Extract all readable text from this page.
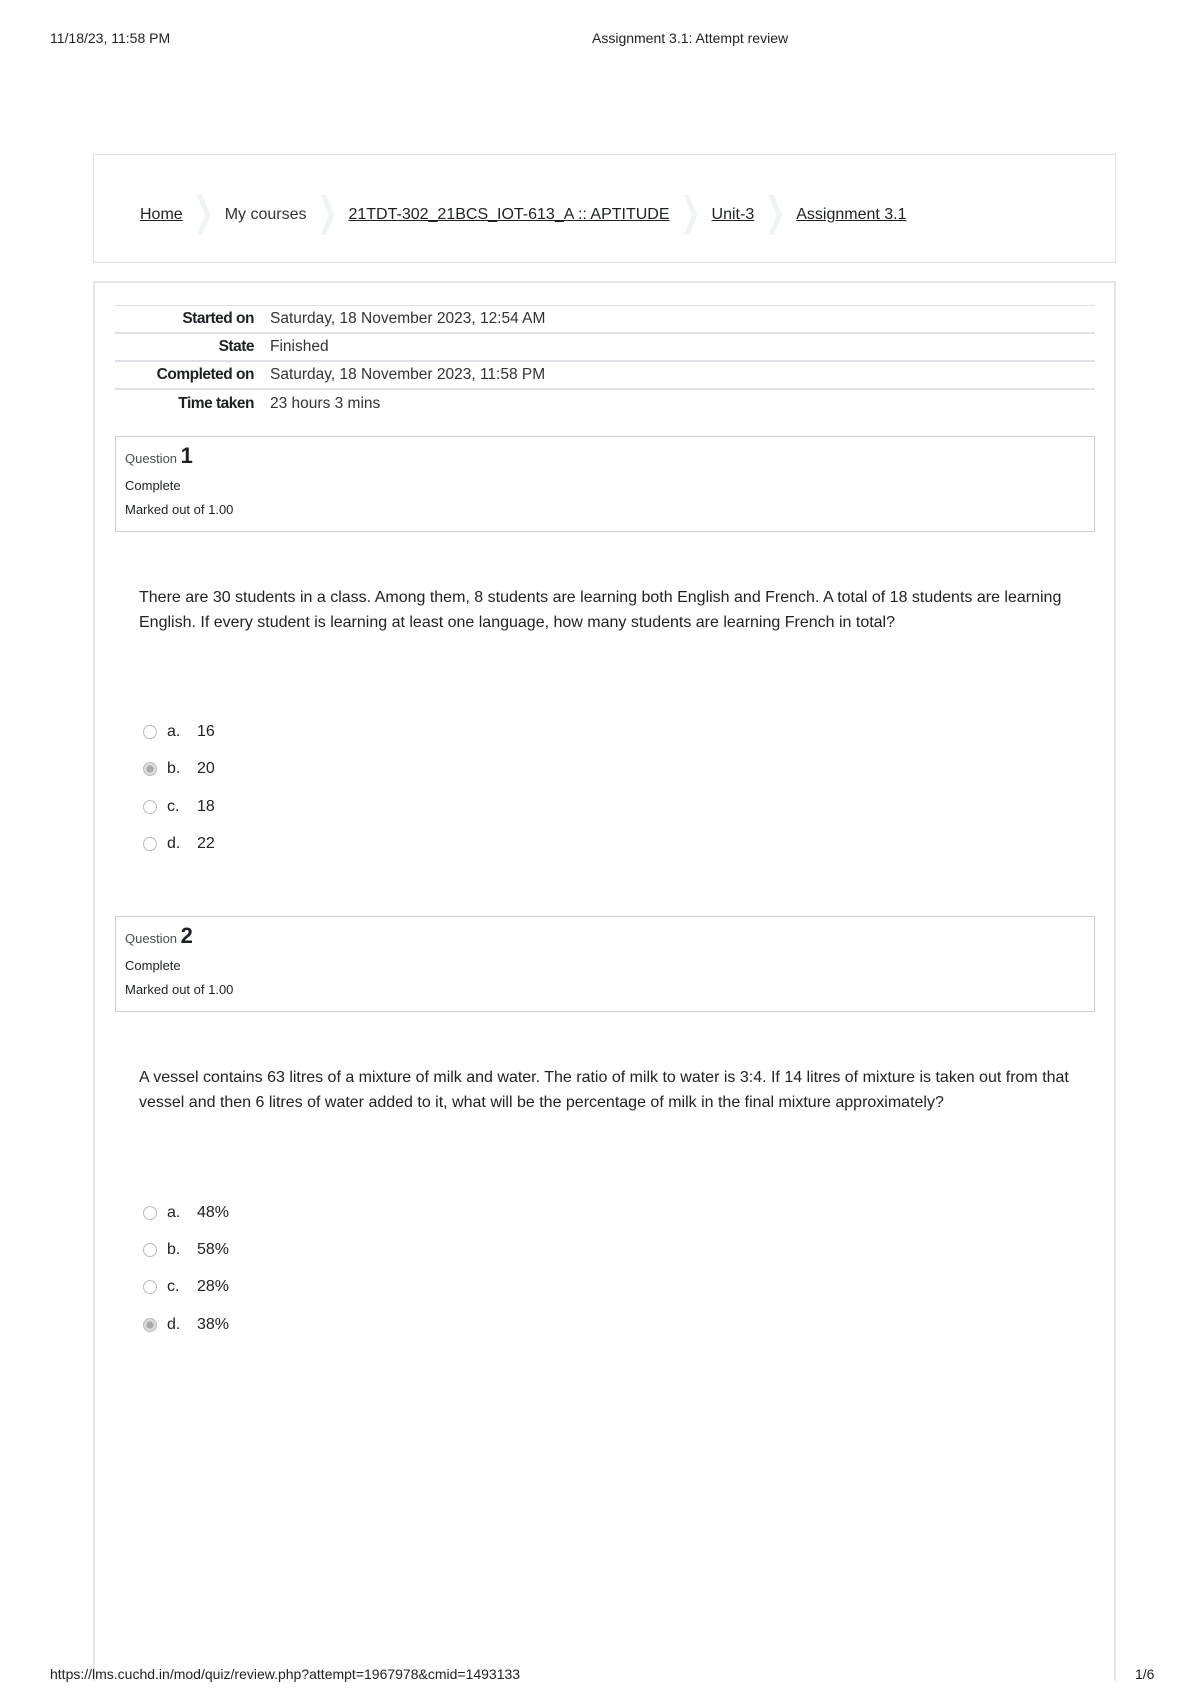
11/18/23, 11:58 PM	Assignment 3.1: Attempt review
Home	My courses	21TDT-302_21BCS_IOT-613_A :: APTITUDE	Unit-3	Assignment 3.1
Started on	Saturday, 18 November 2023, 12:54 AM
State	Finished
Completed on	Saturday, 18 November 2023, 11:58 PM
Time taken	23 hours 3 mins
Question 1
Complete
Marked out of 1.00
There are 30 students in a class. Among them, 8 students are learning both English and French. A total of 18 students are learning English. If every student is learning at least one language, how many students are learning French in total?
a.	16
b.	20
c.	18
d.	22
Question 2
Complete
Marked out of 1.00
A vessel contains 63 litres of a mixture of milk and water. The ratio of milk to water is 3:4. If 14 litres of mixture is taken out from that vessel and then 6 litres of water added to it, what will be the percentage of milk in the final mixture approximately?
a.	48%
b.	58%
c.	28%
d.	38%
https://lms.cuchd.in/mod/quiz/review.php?attempt=1967978&cmid=1493133	1/6
